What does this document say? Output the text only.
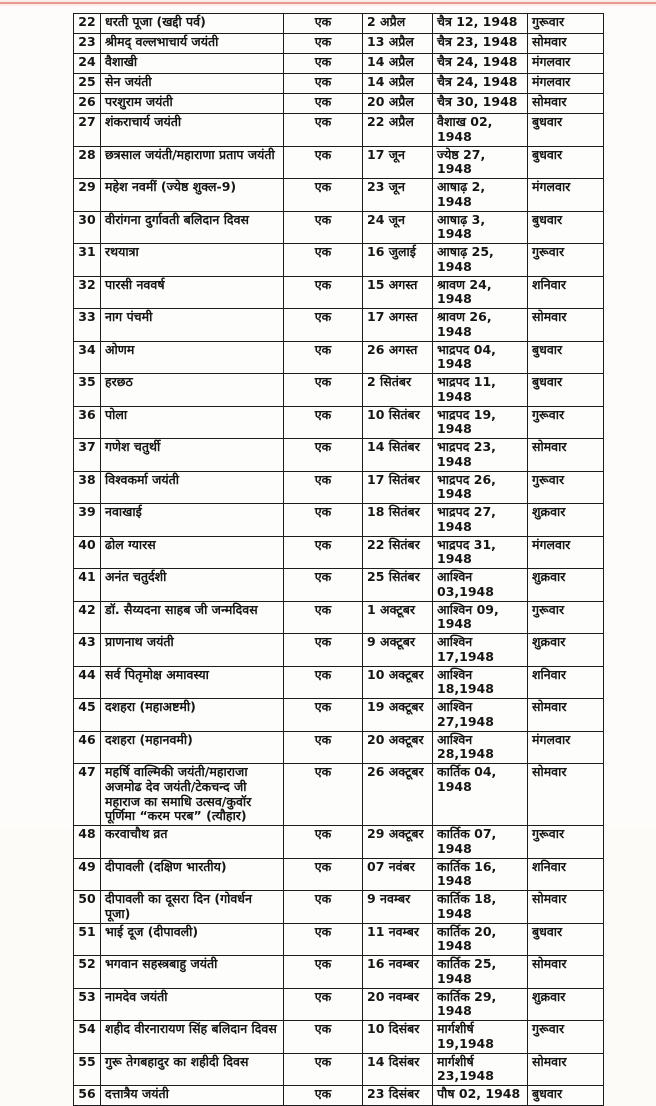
22	धरती पूजा (खद्दी पर्व)	एक	2 अप्रैल	चैत्र 12, 1948	गुरूवार
23	श्रीमद् वल्लभाचार्य जयंती	एक	13 अप्रैल	चैत्र 23, 1948	सोमवार
24	वैशाखी	एक	14 अप्रैल	चैत्र 24, 1948	मंगलवार
25	सेन जयंती	एक	14 अप्रैल	चैत्र 24, 1948	मंगलवार
26	परशुराम जयंती	एक	20 अप्रैल	चैत्र 30, 1948	सोमवार
27	शंकराचार्य जयंती	एक	22 अप्रैल	वैशाख 02, 1948	बुधवार
28	छत्रसाल जयंती/महाराणा प्रताप जयंती	एक	17 जून	ज्येष्ठ 27, 1948	बुधवार
29	महेश नवमीं (ज्येष्ठ शुक्ल-9)	एक	23 जून	आषाढ़ 2, 1948	मंगलवार
30	वीरांगना दुर्गावती बलिदान दिवस	एक	24 जून	आषाढ़ 3, 1948	बुधवार
31	रथयात्रा	एक	16 जुलाई	आषाढ़ 25, 1948	गुरूवार
32	पारसी नववर्ष	एक	15 अगस्त	श्रावण 24, 1948	शनिवार
33	नाग पंचमी	एक	17 अगस्त	श्रावण 26, 1948	सोमवार
34	ओणम	एक	26 अगस्त	भाद्रपद 04, 1948	बुधवार
35	हरछठ	एक	2 सितंबर	भाद्रपद 11, 1948	बुधवार
36	पोला	एक	10 सितंबर	भाद्रपद 19, 1948	गुरूवार
37	गणेश चतुर्थी	एक	14 सितंबर	भाद्रपद 23, 1948	सोमवार
38	विश्वकर्मा जयंती	एक	17 सितंबर	भाद्रपद 26, 1948	गुरूवार
39	नवाखाई	एक	18 सितंबर	भाद्रपद 27, 1948	शुक्रवार
40	ढोल ग्यारस	एक	22 सितंबर	भाद्रपद 31, 1948	मंगलवार
41	अनंत चतुर्दशी	एक	25 सितंबर	आश्विन 03,1948	शुक्रवार
42	डॉ. सैय्यदना साहब जी जन्मदिवस	एक	1 अक्टूबर	आश्विन 09, 1948	गुरूवार
43	प्राणनाथ जयंती	एक	9 अक्टूबर	आश्विन 17,1948	शुक्रवार
44	सर्व पितृमोक्ष अमावस्या	एक	10 अक्टूबर	आश्विन 18,1948	शनिवार
45	दशहरा (महाअष्टमी)	एक	19 अक्टूबर	आश्विन 27,1948	सोमवार
46	दशहरा (महानवमी)	एक	20 अक्टूबर	आश्विन 28,1948	मंगलवार
47	महर्षि वाल्मिकी जयंती/महाराजा अजमोढ देव जयंती/टेकचन्द जी महाराज का समाधि उत्सव/कुवॉर पूर्णिमा “करम परब” (त्यौहार)	एक	26 अक्टूबर	कार्तिक 04, 1948	सोमवार
48	करवाचौथ व्रत	एक	29 अक्टूबर	कार्तिक 07, 1948	गुरूवार
49	दीपावली (दक्षिण भारतीय)	एक	07 नवंबर	कार्तिक 16, 1948	शनिवार
50	दीपावली का दूसरा दिन (गोवर्धन पूजा)	एक	9 नवम्बर	कार्तिक 18, 1948	सोमवार
51	भाई दूज (दीपावली)	एक	11 नवम्बर	कार्तिक 20, 1948	बुधवार
52	भगवान सहस्त्रबाहु जयंती	एक	16 नवम्बर	कार्तिक 25, 1948	सोमवार
53	नामदेव जयंती	एक	20 नवम्बर	कार्तिक 29, 1948	शुक्रवार
54	शहीद वीरनारायण सिंह बलिदान दिवस	एक	10 दिसंबर	मार्गशीर्ष 19,1948	गुरूवार
55	गुरू तेगबहादुर का शहीदी दिवस	एक	14 दिसंबर	मार्गशीर्ष 23,1948	सोमवार
56	दत्तात्रैय जयंती	एक	23 दिसंबर	पौष 02, 1948	बुधवार
